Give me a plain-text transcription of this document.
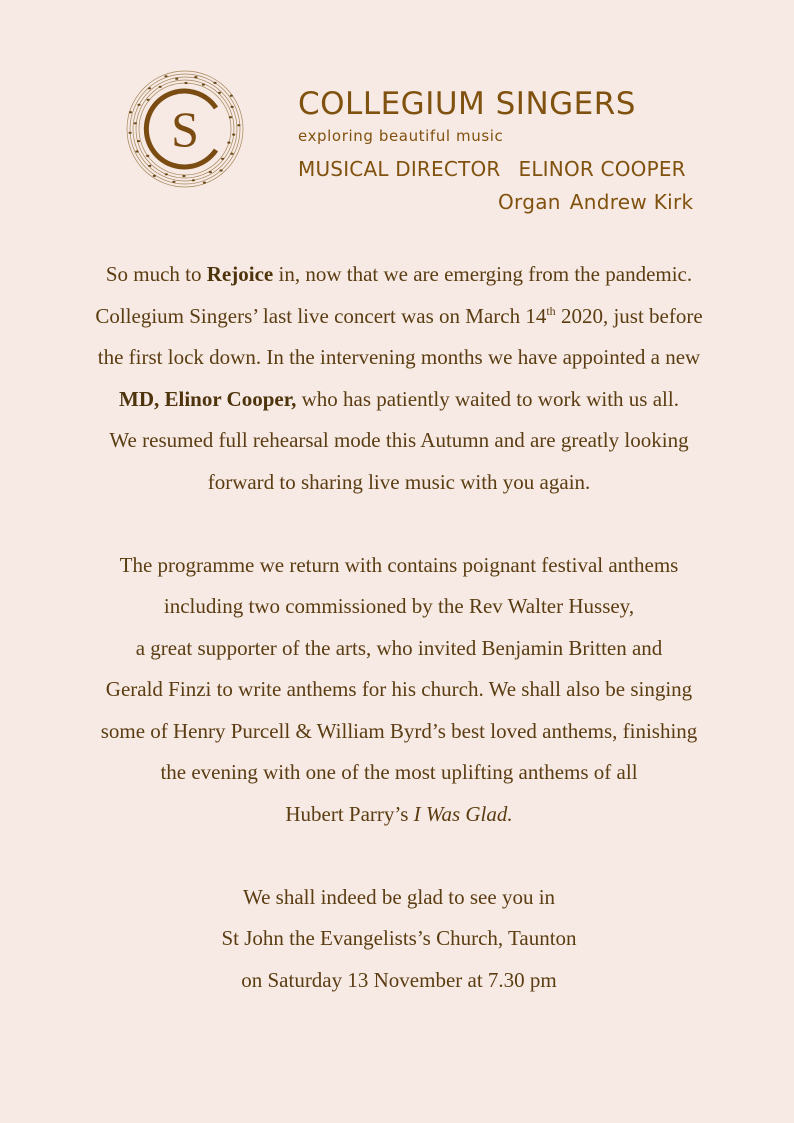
S	COLLEGIUM SINGERS
exploring beautiful music
MUSICAL DIRECTOR ELINOR COOPER
Organ Andrew Kirk

So much to Rejoice in, now that we are emerging from the pandemic.

Collegium Singers’ last live concert was on March 14th 2020, just before

the first lock down. In the intervening months we have appointed a new

MD, Elinor Cooper, who has patiently waited to work with us all.

We resumed full rehearsal mode this Autumn and are greatly looking

forward to sharing live music with you again.

The programme we return with contains poignant festival anthems

including two commissioned by the Rev Walter Hussey,

a great supporter of the arts, who invited Benjamin Britten and

Gerald Finzi to write anthems for his church. We shall also be singing

some of Henry Purcell & William Byrd’s best loved anthems, finishing

the evening with one of the most uplifting anthems of all

Hubert Parry’s I Was Glad.

We shall indeed be glad to see you in

St John the Evangelists’s Church, Taunton

on Saturday 13 November at 7.30 pm
